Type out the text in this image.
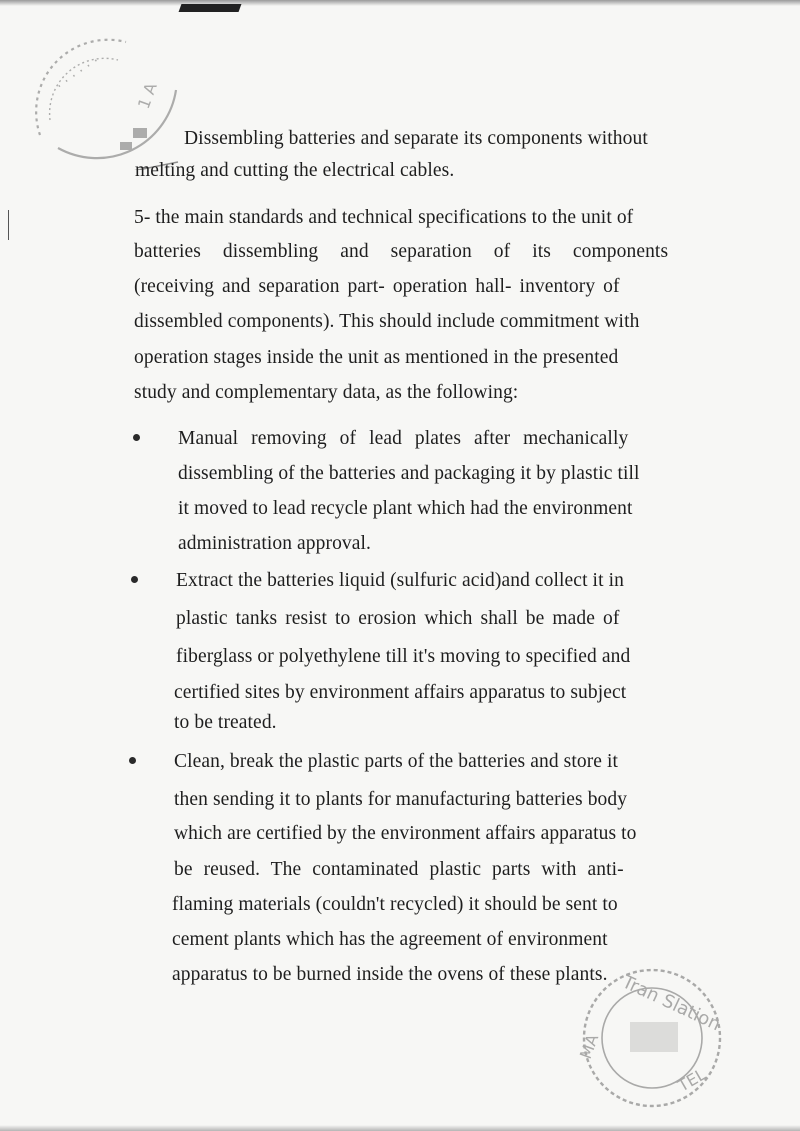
. . . . . .
1 A
Tran Slation
MA
TEL
Dissembling batteries and separate its components without
melting and cutting the electrical cables.
5- the main standards and technical specifications to the unit of
batteries dissembling and separation of its components
(receiving and separation part- operation hall- inventory of
dissembled components). This should include commitment with
operation stages inside the unit as mentioned in the presented
study and complementary data, as the following:
Manual removing of lead plates after mechanically
dissembling of the batteries and packaging it by plastic till
it moved to lead recycle plant which had the environment
administration approval.
Extract the batteries liquid (sulfuric acid)and collect it in
plastic tanks resist to erosion which shall be made of
fiberglass or polyethylene till it's moving to specified and
certified sites by environment affairs apparatus to subject
to be treated.
Clean, break the plastic parts of the batteries and store it
then sending it to plants for manufacturing batteries body
which are certified by the environment affairs apparatus to
be reused. The contaminated plastic parts with anti-
flaming materials (couldn't recycled) it should be sent to
cement plants which has the agreement of environment
apparatus to be burned inside the ovens of these plants.
